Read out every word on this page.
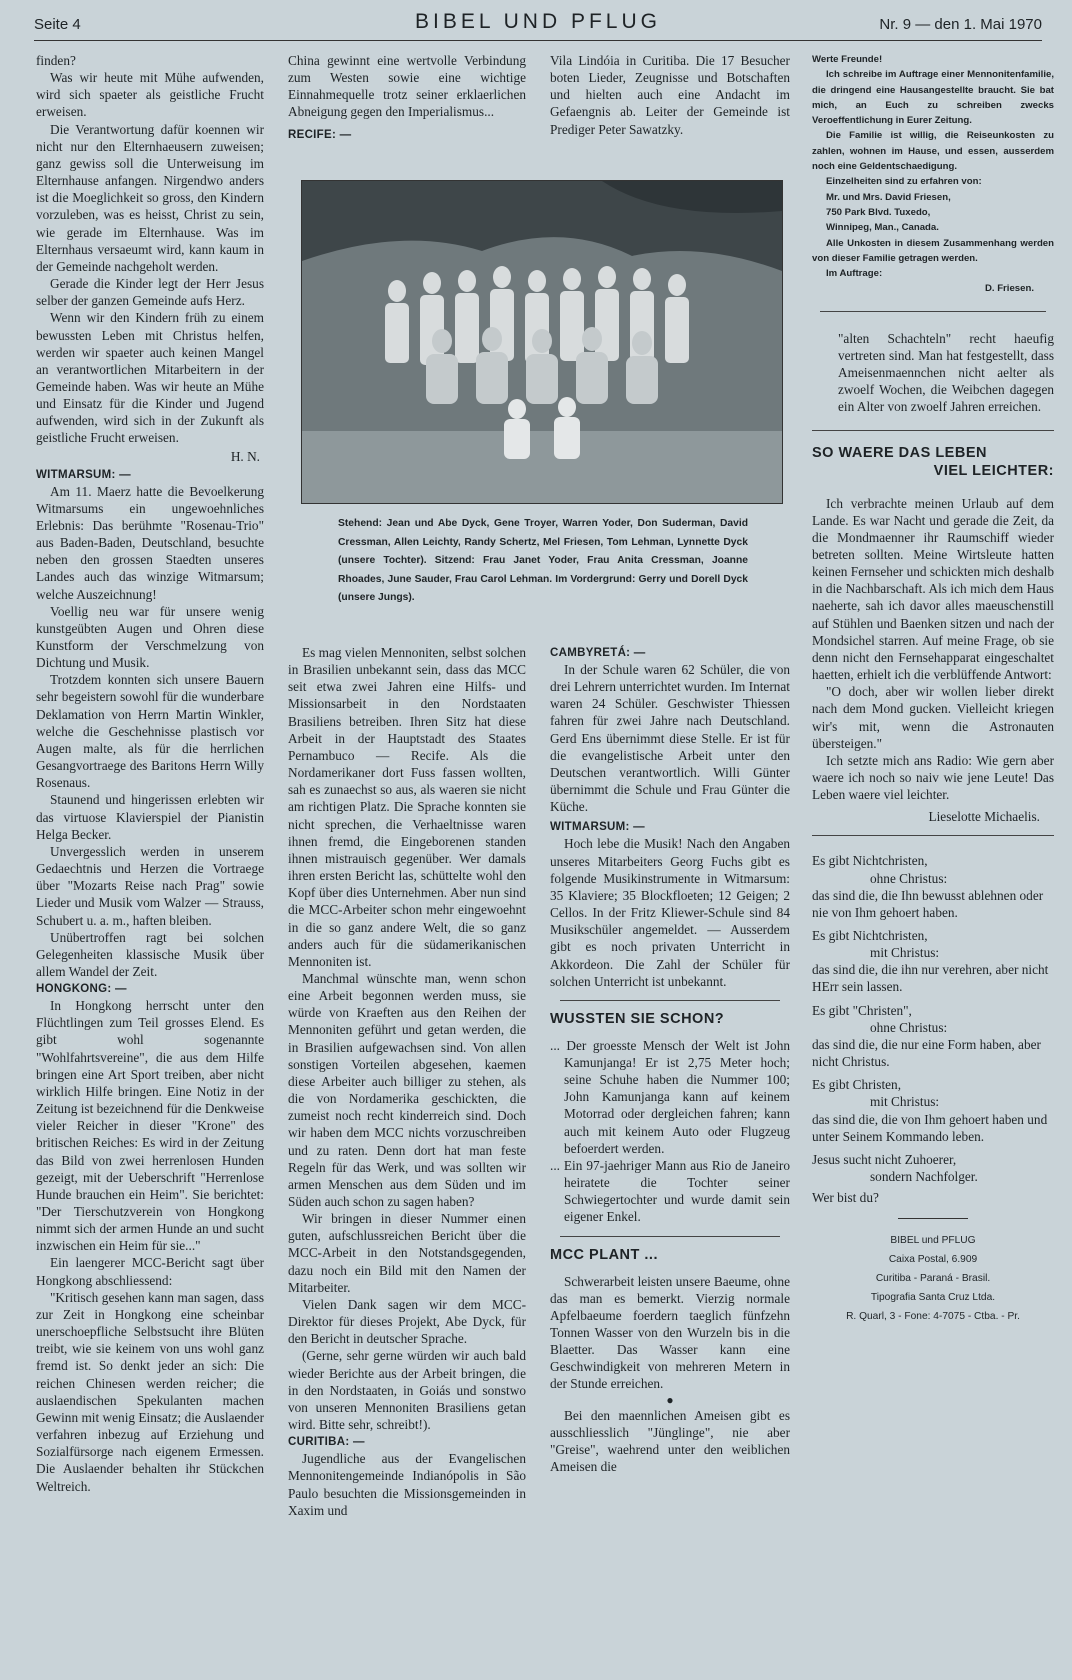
Seite 4	BIBEL UND PFLUG	Nr. 9 — den 1. Mai 1970

finden?

Was wir heute mit Mühe aufwenden, wird sich spaeter als geistliche Frucht erweisen.

Die Verantwortung dafür koennen wir nicht nur den Elternhaeusern zuweisen; ganz gewiss soll die Unterweisung im Elternhause anfangen. Nirgendwo anders ist die Moeglichkeit so gross, den Kindern vorzuleben, was es heisst, Christ zu sein, wie gerade im Elternhause. Was im Elternhaus versaeumt wird, kann kaum in der Gemeinde nachgeholt werden.

Gerade die Kinder legt der Herr Jesus selber der ganzen Gemeinde aufs Herz.

Wenn wir den Kindern früh zu einem bewussten Leben mit Christus helfen, werden wir spaeter auch keinen Mangel an verantwortlichen Mitarbeitern in der Gemeinde haben. Was wir heute an Mühe und Einsatz für die Kinder und Jugend aufwenden, wird sich in der Zukunft als geistliche Frucht erweisen.

H. N.
WITMARSUM: —

Am 11. Maerz hatte die Bevoelkerung Witmarsums ein ungewoehnliches Erlebnis: Das berühmte "Rosenau-Trio" aus Baden-Baden, Deutschland, besuchte neben den grossen Staedten unseres Landes auch das winzige Witmarsum; welche Auszeichnung!

Voellig neu war für unsere wenig kunstgeübten Augen und Ohren diese Kunstform der Verschmelzung von Dichtung und Musik.

Trotzdem konnten sich unsere Bauern sehr begeistern sowohl für die wunderbare Deklamation von Herrn Martin Winkler, welche die Geschehnisse plastisch vor Augen malte, als für die herrlichen Gesangvortraege des Baritons Herrn Willy Rosenaus.

Staunend und hingerissen erlebten wir das virtuose Klavierspiel der Pianistin Helga Becker.

Unvergesslich werden in unserem Gedaechtnis und Herzen die Vortraege über "Mozarts Reise nach Prag" sowie Lieder und Musik vom Walzer — Strauss, Schubert u. a. m., haften bleiben.

Unübertroffen ragt bei solchen Gelegenheiten klassische Musik über allem Wandel der Zeit.

HONGKONG: —

In Hongkong herrscht unter den Flüchtlingen zum Teil grosses Elend. Es gibt wohl sogenannte "Wohlfahrtsvereine", die aus dem Hilfe bringen eine Art Sport treiben, aber nicht wirklich Hilfe bringen. Eine Notiz in der Zeitung ist bezeichnend für die Denkweise vieler Reicher in dieser "Krone" des britischen Reiches: Es wird in der Zeitung das Bild von zwei herrenlosen Hunden gezeigt, mit der Ueberschrift "Herrenlose Hunde brauchen ein Heim". Sie berichtet: "Der Tierschutzverein von Hongkong nimmt sich der armen Hunde an und sucht inzwischen ein Heim für sie..."

Ein laengerer MCC-Bericht sagt über Hongkong abschliessend:

"Kritisch gesehen kann man sagen, dass zur Zeit in Hongkong eine scheinbar unerschoepfliche Selbstsucht ihre Blüten treibt, wie sie keinem von uns wohl ganz fremd ist. So denkt jeder an sich: Die reichen Chinesen werden reicher; die auslaendischen Spekulanten machen Gewinn mit wenig Einsatz; die Auslaender verfahren inbezug auf Erziehung und Sozialfürsorge nach eigenem Ermessen. Die Auslaender behalten ihr Stückchen Weltreich.

China gewinnt eine wertvolle Verbindung zum Westen sowie eine wichtige Einnahmequelle trotz seiner erklaerlichen Abneigung gegen den Imperialismus...

RECIFE: —

Vila Lindóia in Curitiba. Die 17 Besucher boten Lieder, Zeugnisse und Botschaften und hielten auch eine Andacht im Gefaengnis ab. Leiter der Gemeinde ist Prediger Peter Sawatzky.

Stehend: Jean und Abe Dyck, Gene Troyer, Warren Yoder, Don Suderman, David Cressman, Allen Leichty, Randy Schertz, Mel Friesen, Tom Lehman, Lynnette Dyck (unsere Tochter). Sitzend: Frau Janet Yoder, Frau Anita Cressman, Joanne Rhoades, June Sauder, Frau Carol Lehman. Im Vordergrund: Gerry und Dorell Dyck (unsere Jungs).

Es mag vielen Mennoniten, selbst solchen in Brasilien unbekannt sein, dass das MCC seit etwa zwei Jahren eine Hilfs- und Missionsarbeit in den Nordstaaten Brasiliens betreiben. Ihren Sitz hat diese Arbeit in der Hauptstadt des Staates Pernambuco — Recife. Als die Nordamerikaner dort Fuss fassen wollten, sah es zunaechst so aus, als waeren sie nicht am richtigen Platz. Die Sprache konnten sie nicht sprechen, die Verhaeltnisse waren ihnen fremd, die Eingeborenen standen ihnen mistrauisch gegenüber. Wer damals ihren ersten Bericht las, schüttelte wohl den Kopf über dies Unternehmen. Aber nun sind die MCC-Arbeiter schon mehr eingewoehnt in die so ganz andere Welt, die so ganz anders auch für die südamerikanischen Mennoniten ist.

Manchmal wünschte man, wenn schon eine Arbeit begonnen werden muss, sie würde von Kraeften aus den Reihen der Mennoniten geführt und getan werden, die in Brasilien aufgewachsen sind. Von allen sonstigen Vorteilen abgesehen, kaemen diese Arbeiter auch billiger zu stehen, als die von Nordamerika geschickten, die zumeist noch recht kinderreich sind. Doch wir haben dem MCC nichts vorzuschreiben und zu raten. Denn dort hat man feste Regeln für das Werk, und was sollten wir armen Menschen aus dem Süden und im Süden auch schon zu sagen haben?

Wir bringen in dieser Nummer einen guten, aufschlussreichen Bericht über die MCC-Arbeit in den Notstandsgegenden, dazu noch ein Bild mit den Namen der Mitarbeiter.

Vielen Dank sagen wir dem MCC-Direktor für dieses Projekt, Abe Dyck, für den Bericht in deutscher Sprache.

(Gerne, sehr gerne würden wir auch bald wieder Berichte aus der Arbeit bringen, die in den Nordstaaten, in Goiás und sonstwo von unseren Mennoniten Brasiliens getan wird. Bitte sehr, schreibt!).

CURITIBA: —

Jugendliche aus der Evangelischen Mennonitengemeinde Indianópolis in São Paulo besuchten die Missionsgemeinden in Xaxim und

CAMBYRETÁ: —

In der Schule waren 62 Schüler, die von drei Lehrern unterrichtet wurden. Im Internat waren 24 Schüler. Geschwister Thiessen fahren für zwei Jahre nach Deutschland. Gerd Ens übernimmt diese Stelle. Er ist für die evangelistische Arbeit unter den Deutschen verantwortlich. Willi Günter übernimmt die Schule und Frau Günter die Küche.

WITMARSUM: —

Hoch lebe die Musik! Nach den Angaben unseres Mitarbeiters Georg Fuchs gibt es folgende Musikinstrumente in Witmarsum: 35 Klaviere; 35 Blockfloeten; 12 Geigen; 2 Cellos. In der Fritz Kliewer-Schule sind 84 Musikschüler angemeldet. — Ausserdem gibt es noch privaten Unterricht in Akkordeon. Die Zahl der Schüler für solchen Unterricht ist unbekannt.

WUSSTEN SIE SCHON?

... Der groesste Mensch der Welt ist John Kamunjanga! Er ist 2,75 Meter hoch; seine Schuhe haben die Nummer 100; John Kamunjanga kann auf keinem Motorrad oder dergleichen fahren; kann auch mit keinem Auto oder Flugzeug befoerdert werden.

... Ein 97-jaehriger Mann aus Rio de Janeiro heiratete die Tochter seiner Schwiegertochter und wurde damit sein eigener Enkel.

MCC PLANT ...

Schwerarbeit leisten unsere Baeume, ohne das man es bemerkt. Vierzig normale Apfelbaeume foerdern taeglich fünfzehn Tonnen Wasser von den Wurzeln bis in die Blaetter. Das Wasser kann eine Geschwindigkeit von mehreren Metern in der Stunde erreichen.

●

Bei den maennlichen Ameisen gibt es ausschliesslich "Jünglinge", nie aber "Greise", waehrend unter den weiblichen Ameisen die

Werte Freunde!

Ich schreibe im Auftrage einer Mennonitenfamilie, die dringend eine Hausangestellte braucht. Sie bat mich, an Euch zu schreiben zwecks Veroeffentlichung in Eurer Zeitung.

Die Familie ist willig, die Reiseunkosten zu zahlen, wohnen im Hause, und essen, ausserdem noch eine Geldentschaedigung.

Einzelheiten sind zu erfahren von:

Mr. und Mrs. David Friesen,

750 Park Blvd. Tuxedo,

Winnipeg, Man., Canada.

Alle Unkosten in diesem Zusammenhang werden von dieser Familie getragen werden.

Im Auftrage:

D. Friesen.

"alten Schachteln" recht haeufig vertreten sind. Man hat festgestellt, dass Ameisenmaennchen nicht aelter als zwoelf Wochen, die Weibchen dagegen ein Alter von zwoelf Jahren erreichen.

SO WAERE DAS LEBEN
VIEL LEICHTER:

Ich verbrachte meinen Urlaub auf dem Lande. Es war Nacht und gerade die Zeit, da die Mondmaenner ihr Raumschiff wieder betreten sollten. Meine Wirtsleute hatten keinen Fernseher und schickten mich deshalb in die Nachbarschaft. Als ich mich dem Haus naeherte, sah ich davor alles maeuschenstill auf Stühlen und Baenken sitzen und nach der Mondsichel starren. Auf meine Frage, ob sie denn nicht den Fernsehapparat eingeschaltet haetten, erhielt ich die verblüffende Antwort:

"O doch, aber wir wollen lieber direkt nach dem Mond gucken. Vielleicht kriegen wir's mit, wenn die Astronauten übersteigen."

Ich setzte mich ans Radio: Wie gern aber waere ich noch so naiv wie jene Leute! Das Leben waere viel leichter.

Lieselotte Michaelis.

Es gibt Nichtchristen,

ohne Christus:

das sind die, die Ihn bewusst ablehnen oder nie von Ihm gehoert haben.

Es gibt Nichtchristen,

mit Christus:

das sind die, die ihn nur verehren, aber nicht HErr sein lassen.

Es gibt "Christen",

ohne Christus:

das sind die, die nur eine Form haben, aber nicht Christus.

Es gibt Christen,

mit Christus:

das sind die, die von Ihm gehoert haben und unter Seinem Kommando leben.

Jesus sucht nicht Zuhoerer,

sondern Nachfolger.

Wer bist du?

BIBEL und PFLUG
Caixa Postal, 6.909
Curitiba - Paraná - Brasil.
Tipografia Santa Cruz Ltda.
R. Quarl, 3 - Fone: 4-7075 - Ctba. - Pr.
